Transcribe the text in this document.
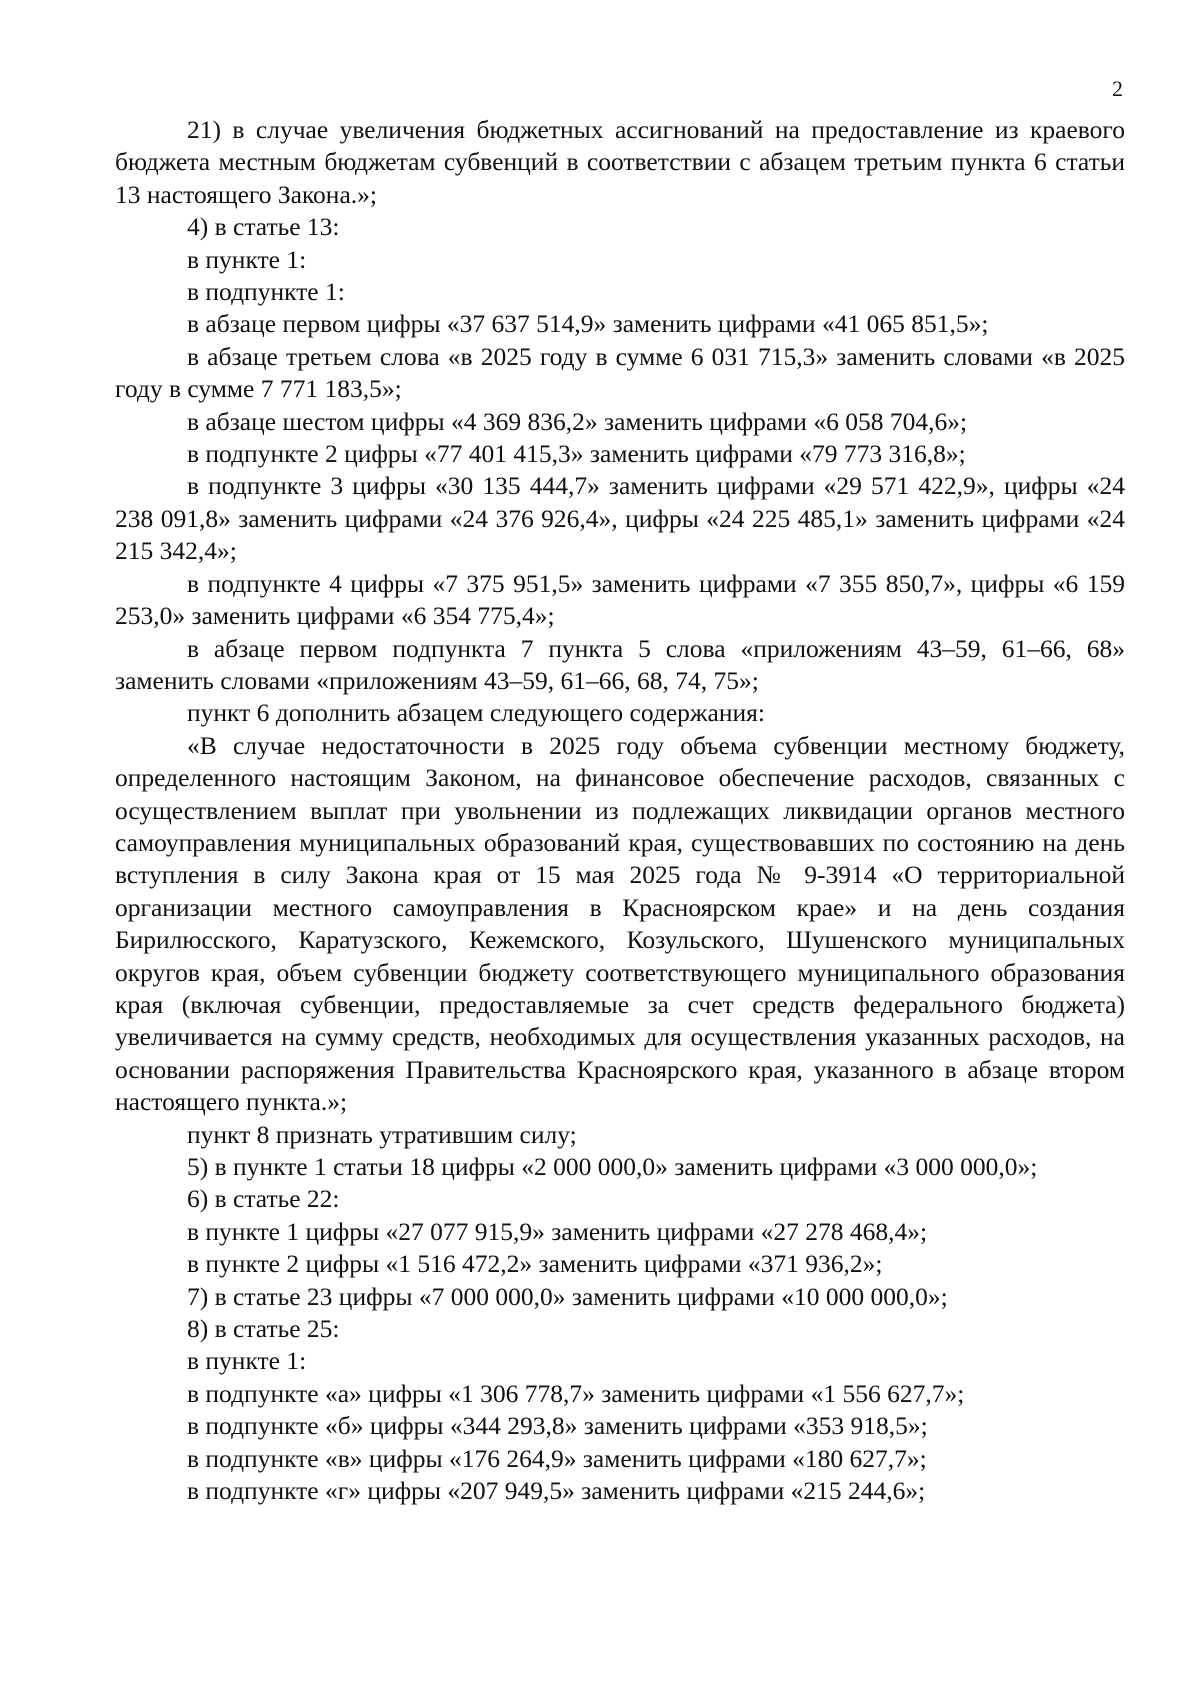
2

21) в случае увеличения бюджетных ассигнований на предоставление из краевого бюджета местным бюджетам субвенций в соответствии с абзацем третьим пункта 6 статьи 13 настоящего Закона.»;

4) в статье 13:

в пункте 1:

в подпункте 1:

в абзаце первом цифры «37 637 514,9» заменить цифрами «41 065 851,5»;

в абзаце третьем слова «в 2025 году в сумме 6 031 715,3» заменить словами «в 2025 году в сумме 7 771 183,5»;

в абзаце шестом цифры «4 369 836,2» заменить цифрами «6 058 704,6»;

в подпункте 2 цифры «77 401 415,3» заменить цифрами «79 773 316,8»;

в подпункте 3 цифры «30 135 444,7» заменить цифрами «29 571 422,9», цифры «24 238 091,8» заменить цифрами «24 376 926,4», цифры «24 225 485,1» заменить цифрами «24 215 342,4»;

в подпункте 4 цифры «7 375 951,5» заменить цифрами «7 355 850,7», цифры «6 159 253,0» заменить цифрами «6 354 775,4»;

в абзаце первом подпункта 7 пункта 5 слова «приложениям 43–59, 61–66, 68» заменить словами «приложениям 43–59, 61–66, 68, 74, 75»;

пункт 6 дополнить абзацем следующего содержания:

«В случае недостаточности в 2025 году объема субвенции местному бюджету, определенного настоящим Законом, на финансовое обеспечение расходов, связанных с осуществлением выплат при увольнении из подлежащих ликвидации органов местного самоуправления муниципальных образований края, существовавших по состоянию на день вступления в силу Закона края от 15 мая 2025 года № 9-3914 «О территориальной организации местного самоуправления в Красноярском крае» и на день создания Бирилюсского, Каратузского, Кежемского, Козульского, Шушенского муниципальных округов края, объем субвенции бюджету соответствующего муниципального образования края (включая субвенции, предоставляемые за счет средств федерального бюджета) увеличивается на сумму средств, необходимых для осуществления указанных расходов, на основании распоряжения Правительства Красноярского края, указанного в абзаце втором настоящего пункта.»;

пункт 8 признать утратившим силу;

5) в пункте 1 статьи 18 цифры «2 000 000,0» заменить цифрами «3 000 000,0»;

6) в статье 22:

в пункте 1 цифры «27 077 915,9» заменить цифрами «27 278 468,4»;

в пункте 2 цифры «1 516 472,2» заменить цифрами «371 936,2»;

7) в статье 23 цифры «7 000 000,0» заменить цифрами «10 000 000,0»;

8) в статье 25:

в пункте 1:

в подпункте «а» цифры «1 306 778,7» заменить цифрами «1 556 627,7»;

в подпункте «б» цифры «344 293,8» заменить цифрами «353 918,5»;

в подпункте «в» цифры «176 264,9» заменить цифрами «180 627,7»;

в подпункте «г» цифры «207 949,5» заменить цифрами «215 244,6»;
